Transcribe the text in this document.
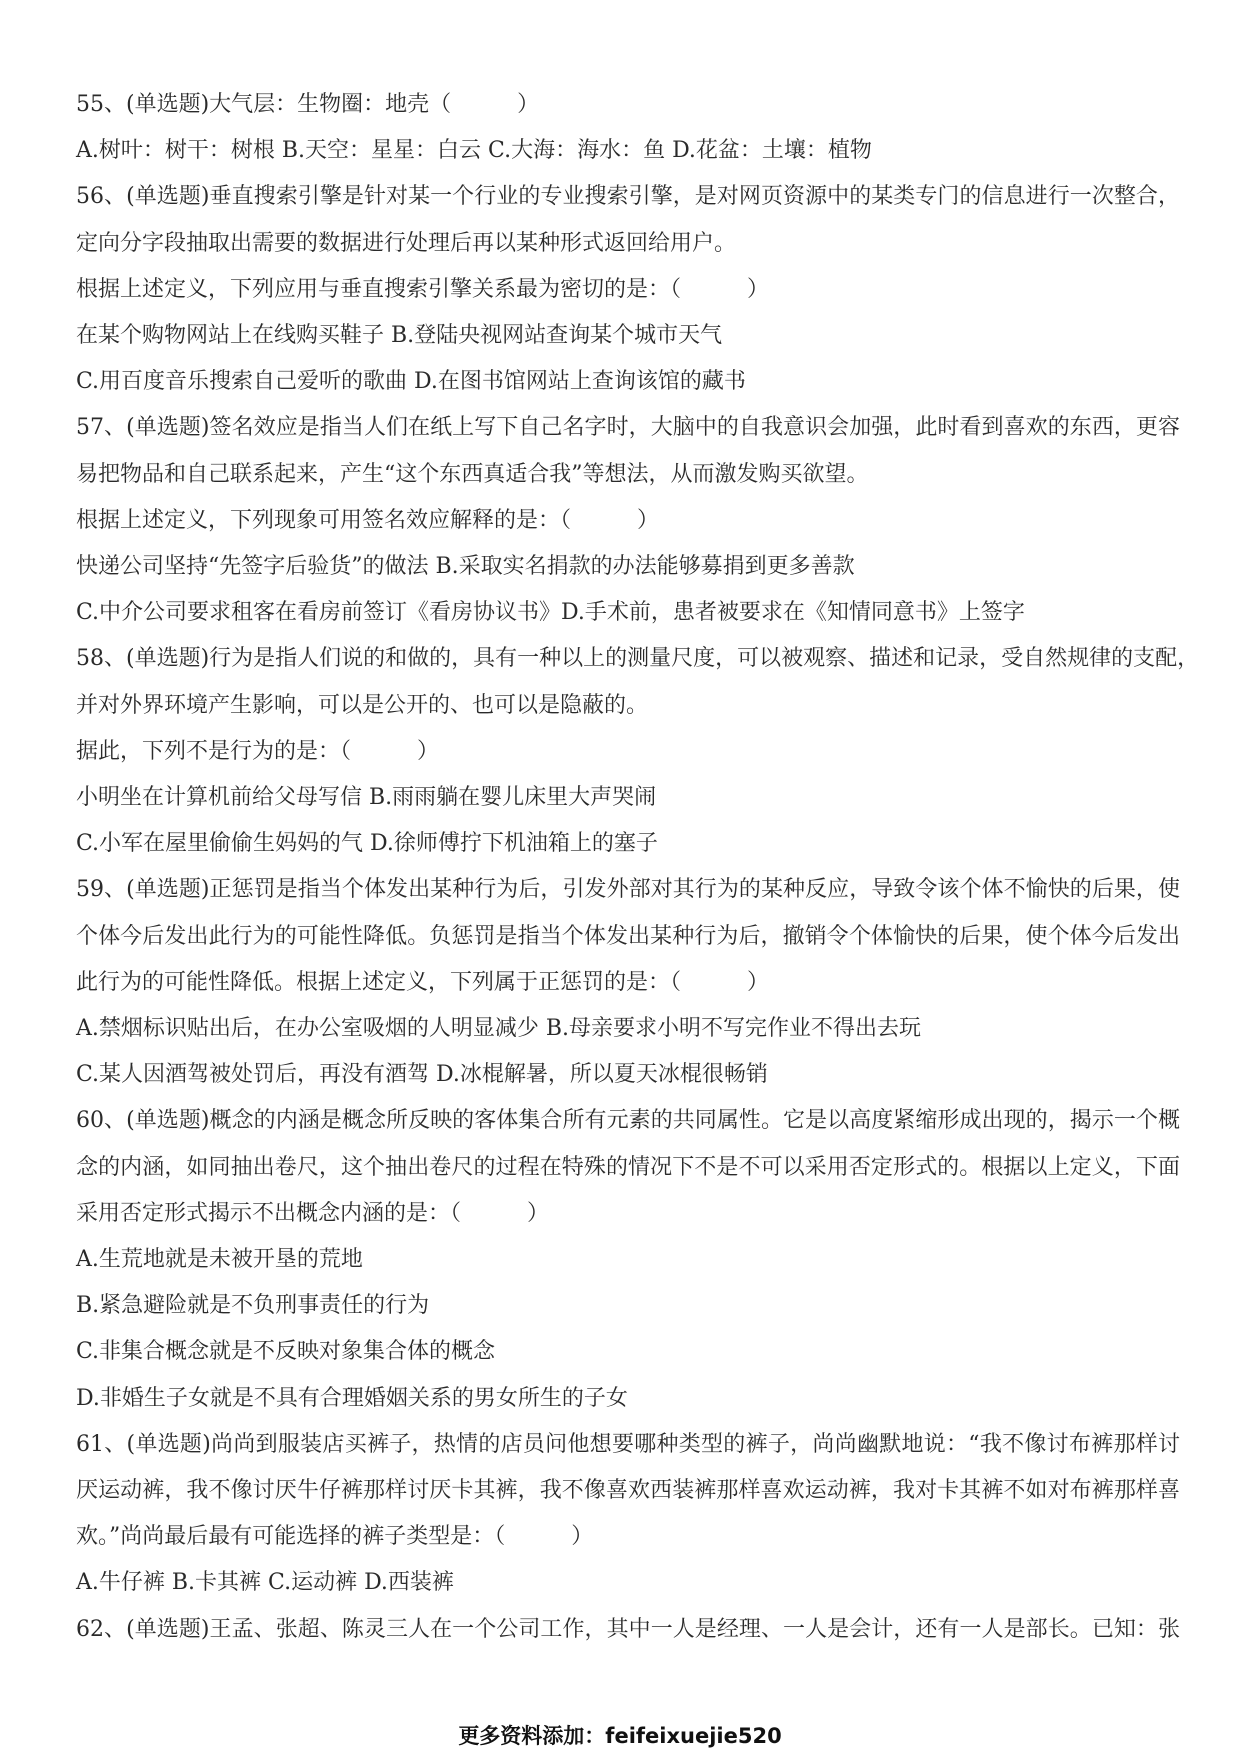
55、(单选题)大气层：生物圈：地壳（　　　）
A.树叶：树干：树根 B.天空：星星：白云 C.大海：海水：鱼 D.花盆：土壤：植物
56、(单选题)垂直搜索引擎是针对某一个行业的专业搜索引擎，是对网页资源中的某类专门的信息进行一次整合，
定向分字段抽取出需要的数据进行处理后再以某种形式返回给用户。
根据上述定义，下列应用与垂直搜索引擎关系最为密切的是：（　　　）
在某个购物网站上在线购买鞋子 B.登陆央视网站查询某个城市天气
C.用百度音乐搜索自己爱听的歌曲 D.在图书馆网站上查询该馆的藏书
57、(单选题)签名效应是指当人们在纸上写下自己名字时，大脑中的自我意识会加强，此时看到喜欢的东西，更容
易把物品和自己联系起来，产生“这个东西真适合我”等想法，从而激发购买欲望。
根据上述定义，下列现象可用签名效应解释的是：（　　　）
快递公司坚持“先签字后验货”的做法 B.采取实名捐款的办法能够募捐到更多善款
C.中介公司要求租客在看房前签订《看房协议书》D.手术前，患者被要求在《知情同意书》上签字
58、(单选题)行为是指人们说的和做的，具有一种以上的测量尺度，可以被观察、描述和记录，受自然规律的支配，
并对外界环境产生影响，可以是公开的、也可以是隐蔽的。
据此，下列不是行为的是：（　　　）
小明坐在计算机前给父母写信 B.雨雨躺在婴儿床里大声哭闹
C.小军在屋里偷偷生妈妈的气 D.徐师傅拧下机油箱上的塞子
59、(单选题)正惩罚是指当个体发出某种行为后，引发外部对其行为的某种反应，导致令该个体不愉快的后果，使
个体今后发出此行为的可能性降低。负惩罚是指当个体发出某种行为后，撤销令个体愉快的后果，使个体今后发出
此行为的可能性降低。根据上述定义，下列属于正惩罚的是：（　　　）
A.禁烟标识贴出后，在办公室吸烟的人明显减少 B.母亲要求小明不写完作业不得出去玩
C.某人因酒驾被处罚后，再没有酒驾 D.冰棍解暑，所以夏天冰棍很畅销
60、(单选题)概念的内涵是概念所反映的客体集合所有元素的共同属性。它是以高度紧缩形成出现的，揭示一个概
念的内涵，如同抽出卷尺，这个抽出卷尺的过程在特殊的情况下不是不可以采用否定形式的。根据以上定义，下面
采用否定形式揭示不出概念内涵的是：（　　　）
A.生荒地就是未被开垦的荒地
B.紧急避险就是不负刑事责任的行为
C.非集合概念就是不反映对象集合体的概念
D.非婚生子女就是不具有合理婚姻关系的男女所生的子女
61、(单选题)尚尚到服装店买裤子，热情的店员问他想要哪种类型的裤子，尚尚幽默地说：“我不像讨布裤那样讨
厌运动裤，我不像讨厌牛仔裤那样讨厌卡其裤，我不像喜欢西装裤那样喜欢运动裤，我对卡其裤不如对布裤那样喜
欢。”尚尚最后最有可能选择的裤子类型是：（　　　）
A.牛仔裤 B.卡其裤 C.运动裤 D.西装裤
62、(单选题)王孟、张超、陈灵三人在一个公司工作，其中一人是经理、一人是会计，还有一人是部长。已知：张
更多资料添加：feifeixuejie520
